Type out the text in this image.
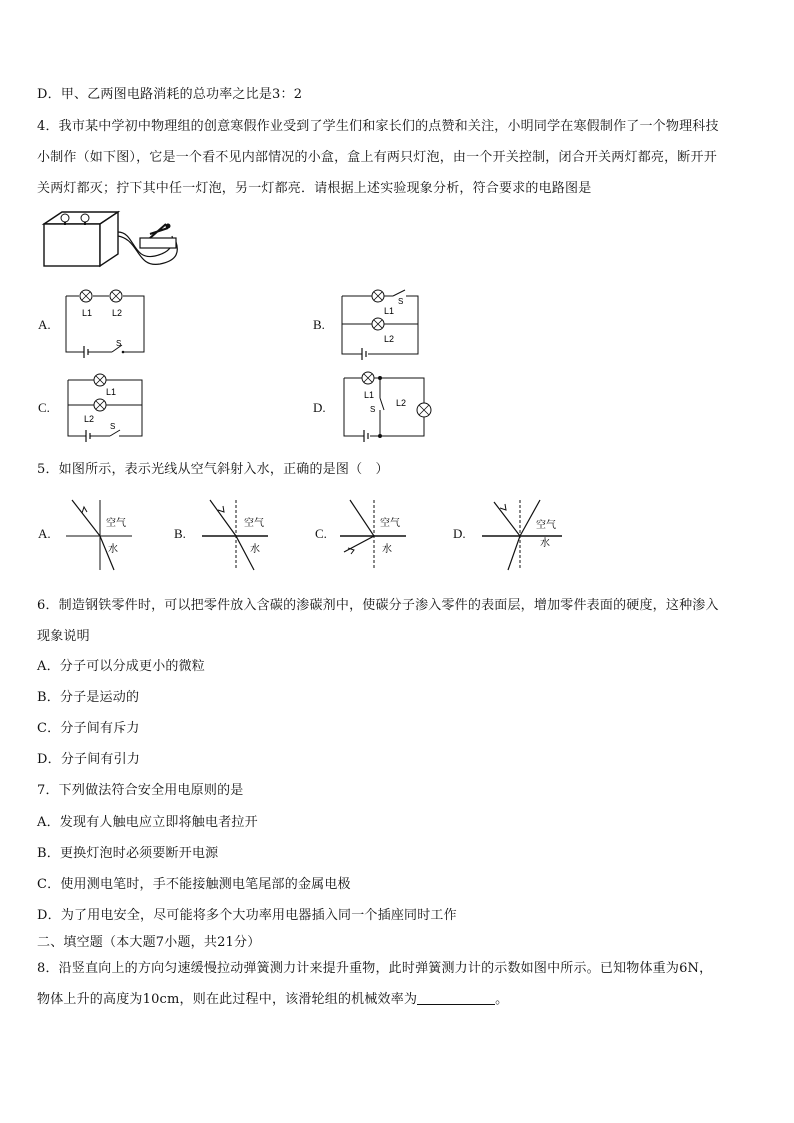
D．甲、乙两图电路消耗的总功率之比是3：2
4．我市某中学初中物理组的创意寒假作业受到了学生们和家长们的点赞和关注，小明同学在寒假制作了一个物理科技
小制作（如下图），它是一个看不见内部情况的小盒，盒上有两只灯泡，由一个开关控制，闭合开关两灯都亮，断开开
关两灯都灭；拧下其中任一灯泡，另一灯都亮．请根据上述实验现象分析，符合要求的电路图是
A.
L1 L2
S
B.
L1
S
L2
C.
L1
L2
S
D.
L1
S
L2
5．如图所示，表示光线从空气斜射入水，正确的是图（　）
A.
空气
水
B.
空气
水
C.
空气
水
D.
空气
水
6．制造钢铁零件时，可以把零件放入含碳的渗碳剂中，使碳分子渗入零件的表面层，增加零件表面的硬度，这种渗入
现象说明
A．分子可以分成更小的微粒
B．分子是运动的
C．分子间有斥力
D．分子间有引力
7．下列做法符合安全用电原则的是
A．发现有人触电应立即将触电者拉开
B．更换灯泡时必须要断开电源
C．使用测电笔时，手不能接触测电笔尾部的金属电极
D．为了用电安全，尽可能将多个大功率用电器插入同一个插座同时工作
二、填空题（本大题7小题，共21分）
8．沿竖直向上的方向匀速缓慢拉动弹簧测力计来提升重物，此时弹簧测力计的示数如图中所示。已知物体重为6N，
物体上升的高度为10cm，则在此过程中，该滑轮组的机械效率为	。
